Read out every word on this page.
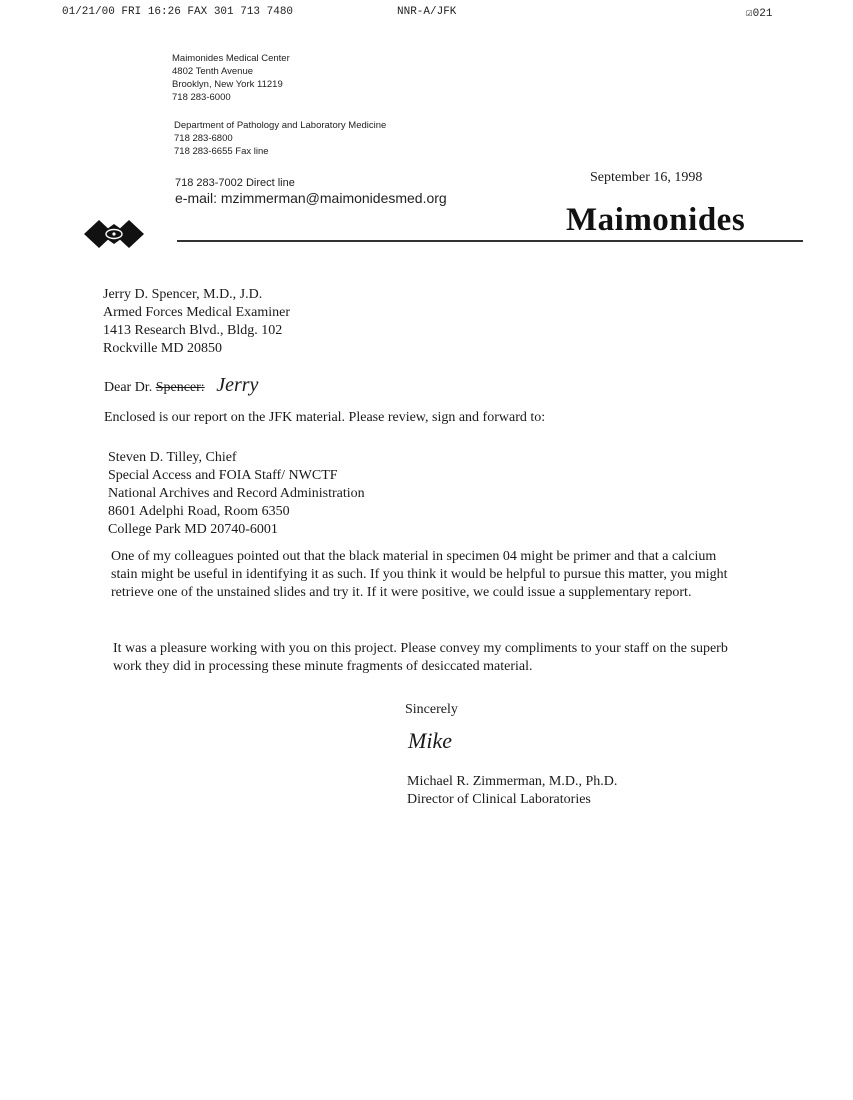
01/21/00 FRI 16:26 FAX 301 713 7480	NNR-A/JFK	☑021
Maimonides Medical Center
4802 Tenth Avenue
Brooklyn, New York 11219
718 283-6000
Department of Pathology and Laboratory Medicine
718 283-6800
718 283-6655 Fax line
718 283-7002 Direct line
e-mail: mzimmerman@maimonidesmed.org
September 16, 1998
Maimonides
Jerry D. Spencer, M.D., J.D.
Armed Forces Medical Examiner
1413 Research Blvd., Bldg. 102
Rockville MD 20850
Dear Dr. Spencer: Jerry
Enclosed is our report on the JFK material. Please review, sign and forward to:
Steven D. Tilley, Chief
Special Access and FOIA Staff/ NWCTF
National Archives and Record Administration
8601 Adelphi Road, Room 6350
College Park MD 20740-6001
One of my colleagues pointed out that the black material in specimen 04 might be primer and that a calcium stain might be useful in identifying it as such. If you think it would be helpful to pursue this matter, you might retrieve one of the unstained slides and try it. If it were positive, we could issue a supplementary report.
It was a pleasure working with you on this project. Please convey my compliments to your staff on the superb work they did in processing these minute fragments of desiccated material.
Sincerely
Mike
Michael R. Zimmerman, M.D., Ph.D.
Director of Clinical Laboratories
